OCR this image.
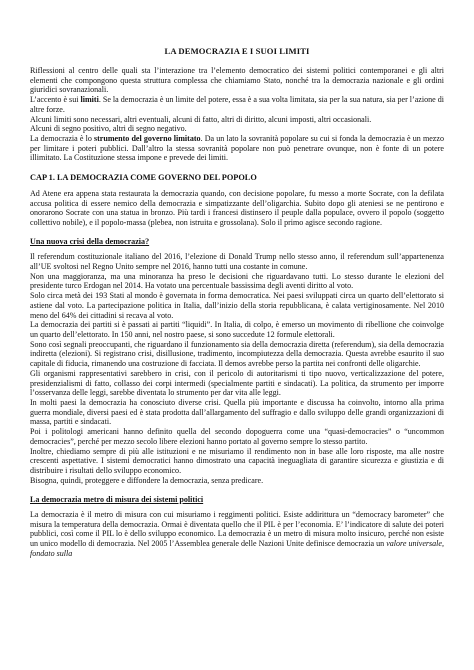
LA DEMOCRAZIA E I SUOI LIMITI

Riflessioni al centro delle quali sta l’interazione tra l’elemento democratico dei sistemi politici contemporanei e gli altri elementi che compongono questa struttura complessa che chiamiamo Stato, nonché tra la democrazia nazionale e gli ordini giuridici sovranazionali.

L’accento è sui limiti. Se la democrazia è un limite del potere, essa è a sua volta limitata, sia per la sua natura, sia per l’azione di altre forze.

Alcuni limiti sono necessari, altri eventuali, alcuni di fatto, altri di diritto, alcuni imposti, altri occasionali.

Alcuni di segno positivo, altri di segno negativo.

La democrazia è lo strumento del governo limitato. Da un lato la sovranità popolare su cui si fonda la democrazia è un mezzo per limitare i poteri pubblici. Dall’altro la stessa sovranità popolare non può penetrare ovunque, non è fonte di un potere illimitato. La Costituzione stessa impone e prevede dei limiti.

CAP 1. LA DEMOCRAZIA COME GOVERNO DEL POPOLO

Ad Atene era appena stata restaurata la democrazia quando, con decisione popolare, fu messo a morte Socrate, con la defilata accusa politica di essere nemico della democrazia e simpatizzante dell’oligarchia. Subito dopo gli ateniesi se ne pentirono e onorarono Socrate con una statua in bronzo. Più tardi i francesi distinsero il peuple dalla populace, ovvero il popolo (soggetto collettivo nobile), e il popolo-massa (plebea, non istruita e grossolana). Solo il primo agisce secondo ragione.

Una nuova crisi della democrazia?

Il referendum costituzionale italiano del 2016, l’elezione di Donald Trump nello stesso anno, il referendum sull’appartenenza all’UE svoltosi nel Regno Unito sempre nel 2016, hanno tutti una costante in comune.

Non una maggioranza, ma una minoranza ha preso le decisioni che riguardavano tutti. Lo stesso durante le elezioni del presidente turco Erdogan nel 2014. Ha votato una percentuale bassissima degli aventi diritto al voto.

Solo circa metà dei 193 Stati al mondo è governata in forma democratica. Nei paesi sviluppati circa un quarto dell’elettorato si astiene dal voto. La partecipazione politica in Italia, dall’inizio della storia repubblicana, è calata vertiginosamente. Nel 2010 meno del 64% dei cittadini si recava al voto.

La democrazia dei partiti si è passati ai partiti “liquidi”. In Italia, di colpo, è emerso un movimento di ribellione che coinvolge un quarto dell’elettorato. In 150 anni, nel nostro paese, si sono succedute 12 formule elettorali.

Sono così segnali preoccupanti, che riguardano il funzionamento sia della democrazia diretta (referendum), sia della democrazia indiretta (elezioni). Si registrano crisi, disillusione, tradimento, incompiutezza della democrazia. Questa avrebbe esaurito il suo capitale di fiducia, rimanendo una costruzione di facciata. Il demos avrebbe perso la partita nei confronti delle oligarchie.

Gli organismi rappresentativi sarebbero in crisi, con il pericolo di autoritarismi ti tipo nuovo, verticalizzazione del potere, presidenzialismi di fatto, collasso dei corpi intermedi (specialmente partiti e sindacati). La politica, da strumento per imporre l’osservanza delle leggi, sarebbe diventata lo strumento per dar vita alle leggi.

In molti paesi la democrazia ha conosciuto diverse crisi. Quella più importante e discussa ha coinvolto, intorno alla prima guerra mondiale, diversi paesi ed è stata prodotta dall’allargamento del suffragio e dallo sviluppo delle grandi organizzazioni di massa, partiti e sindacati.

Poi i politologi americani hanno definito quella del secondo dopoguerra come una “quasi-democracies” o “uncommon democracies”, perché per mezzo secolo libere elezioni hanno portato al governo sempre lo stesso partito.

Inoltre, chiediamo sempre di più alle istituzioni e ne misuriamo il rendimento non in base alle loro risposte, ma alle nostre crescenti aspettative. I sistemi democratici hanno dimostrato una capacità ineguagliata di garantire sicurezza e giustizia e di distribuire i risultati dello sviluppo economico.

Bisogna, quindi, proteggere e diffondere la democrazia, senza predicare.

La democrazia metro di misura dei sistemi politici

La democrazia è il metro di misura con cui misuriamo i reggimenti politici. Esiste addirittura un “democracy barometer” che misura la temperatura della democrazia. Ormai è diventata quello che il PIL è per l’economia. E’ l’indicatore di salute dei poteri pubblici, così come il PIL lo è dello sviluppo economico. La democrazia è un metro di misura molto insicuro, perché non esiste un unico modello di democrazia. Nel 2005 l’Assemblea generale delle Nazioni Unite definisce democrazia un valore universale, fondato sulla
